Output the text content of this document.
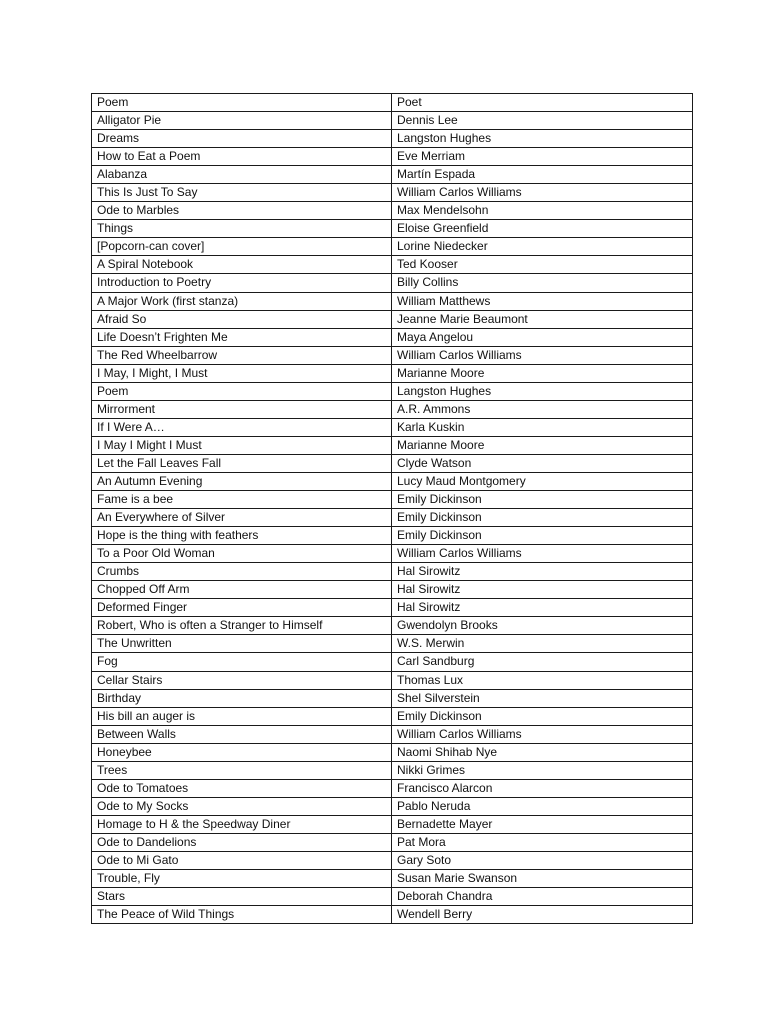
Poem	Poet
Alligator Pie	Dennis Lee
Dreams	Langston Hughes
How to Eat a Poem	Eve Merriam
Alabanza	Martín Espada
This Is Just To Say	William Carlos Williams
Ode to Marbles	Max Mendelsohn
Things	Eloise Greenfield
[Popcorn-can cover]	Lorine Niedecker
A Spiral Notebook	Ted Kooser
Introduction to Poetry	Billy Collins
A Major Work (first stanza)	William Matthews
Afraid So	Jeanne Marie Beaumont
Life Doesn’t Frighten Me	Maya Angelou
The Red Wheelbarrow	William Carlos Williams
I May, I Might, I Must	Marianne Moore
Poem	Langston Hughes
Mirrorment	A.R. Ammons
If I Were A…	Karla Kuskin
I May I Might I Must	Marianne Moore
Let the Fall Leaves Fall	Clyde Watson
An Autumn Evening	Lucy Maud Montgomery
Fame is a bee	Emily Dickinson
An Everywhere of Silver	Emily Dickinson
Hope is the thing with feathers	Emily Dickinson
To a Poor Old Woman	William Carlos Williams
Crumbs	Hal Sirowitz
Chopped Off Arm	Hal Sirowitz
Deformed Finger	Hal Sirowitz
Robert, Who is often a Stranger to Himself	Gwendolyn Brooks
The Unwritten	W.S. Merwin
Fog	Carl Sandburg
Cellar Stairs	Thomas Lux
Birthday	Shel Silverstein
His bill an auger is	Emily Dickinson
Between Walls	William Carlos Williams
Honeybee	Naomi Shihab Nye
Trees	Nikki Grimes
Ode to Tomatoes	Francisco Alarcon
Ode to My Socks	Pablo Neruda
Homage to H & the Speedway Diner	Bernadette Mayer
Ode to Dandelions	Pat Mora
Ode to Mi Gato	Gary Soto
Trouble, Fly	Susan Marie Swanson
Stars	Deborah Chandra
The Peace of Wild Things	Wendell Berry
